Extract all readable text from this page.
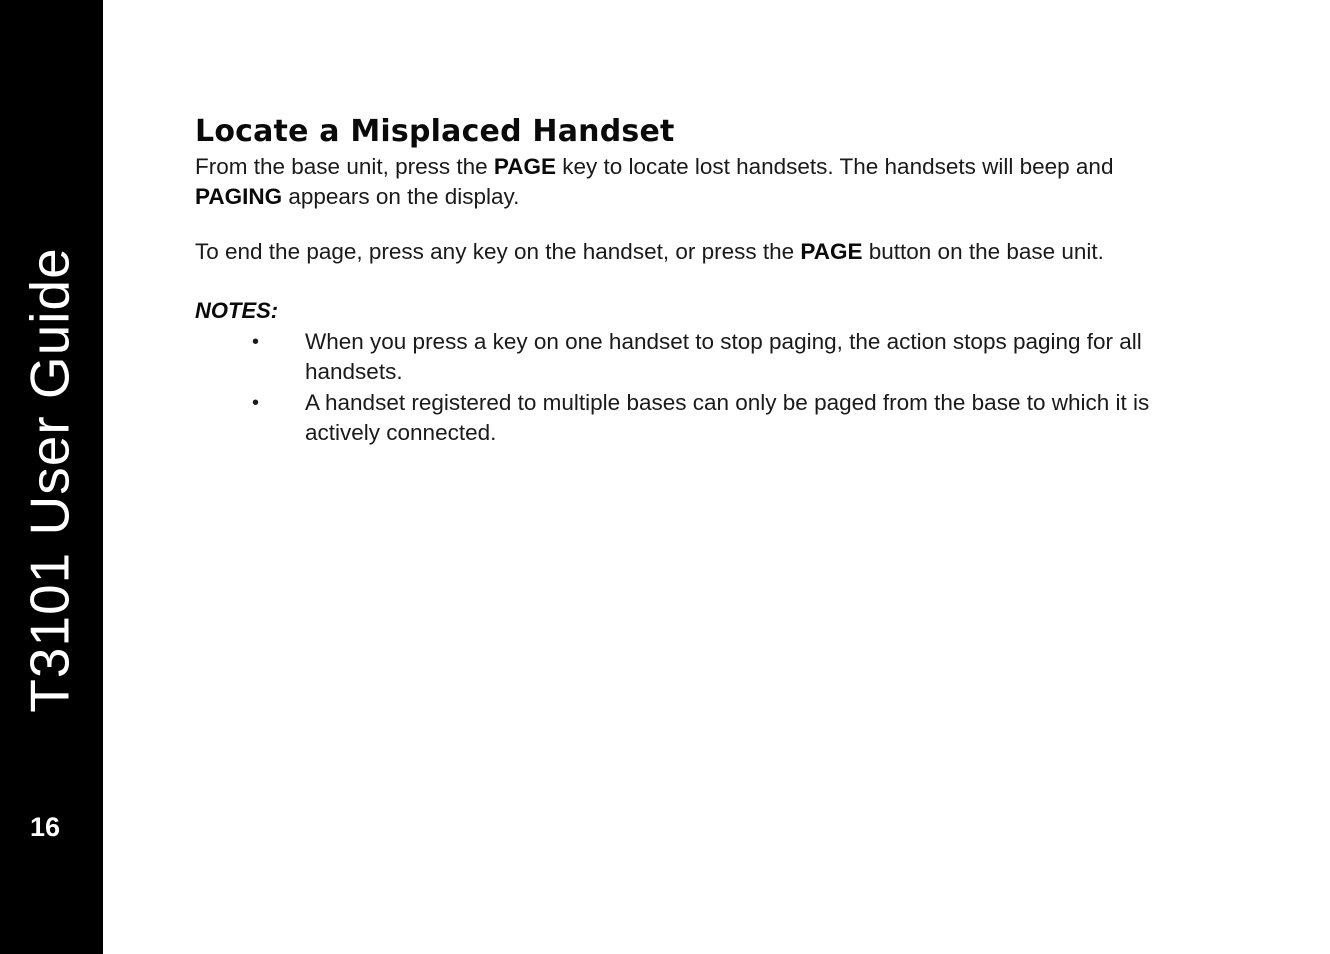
T3101 User Guide
16
Locate a Misplaced Handset

From the base unit, press the PAGE key to locate lost handsets. The handsets will beep and PAGING appears on the display.

To end the page, press any key on the handset, or press the PAGE button on the base unit.

NOTES:
• When you press a key on one handset to stop paging, the action stops paging for all handsets.
• A handset registered to multiple bases can only be paged from the base to which it is actively connected.
